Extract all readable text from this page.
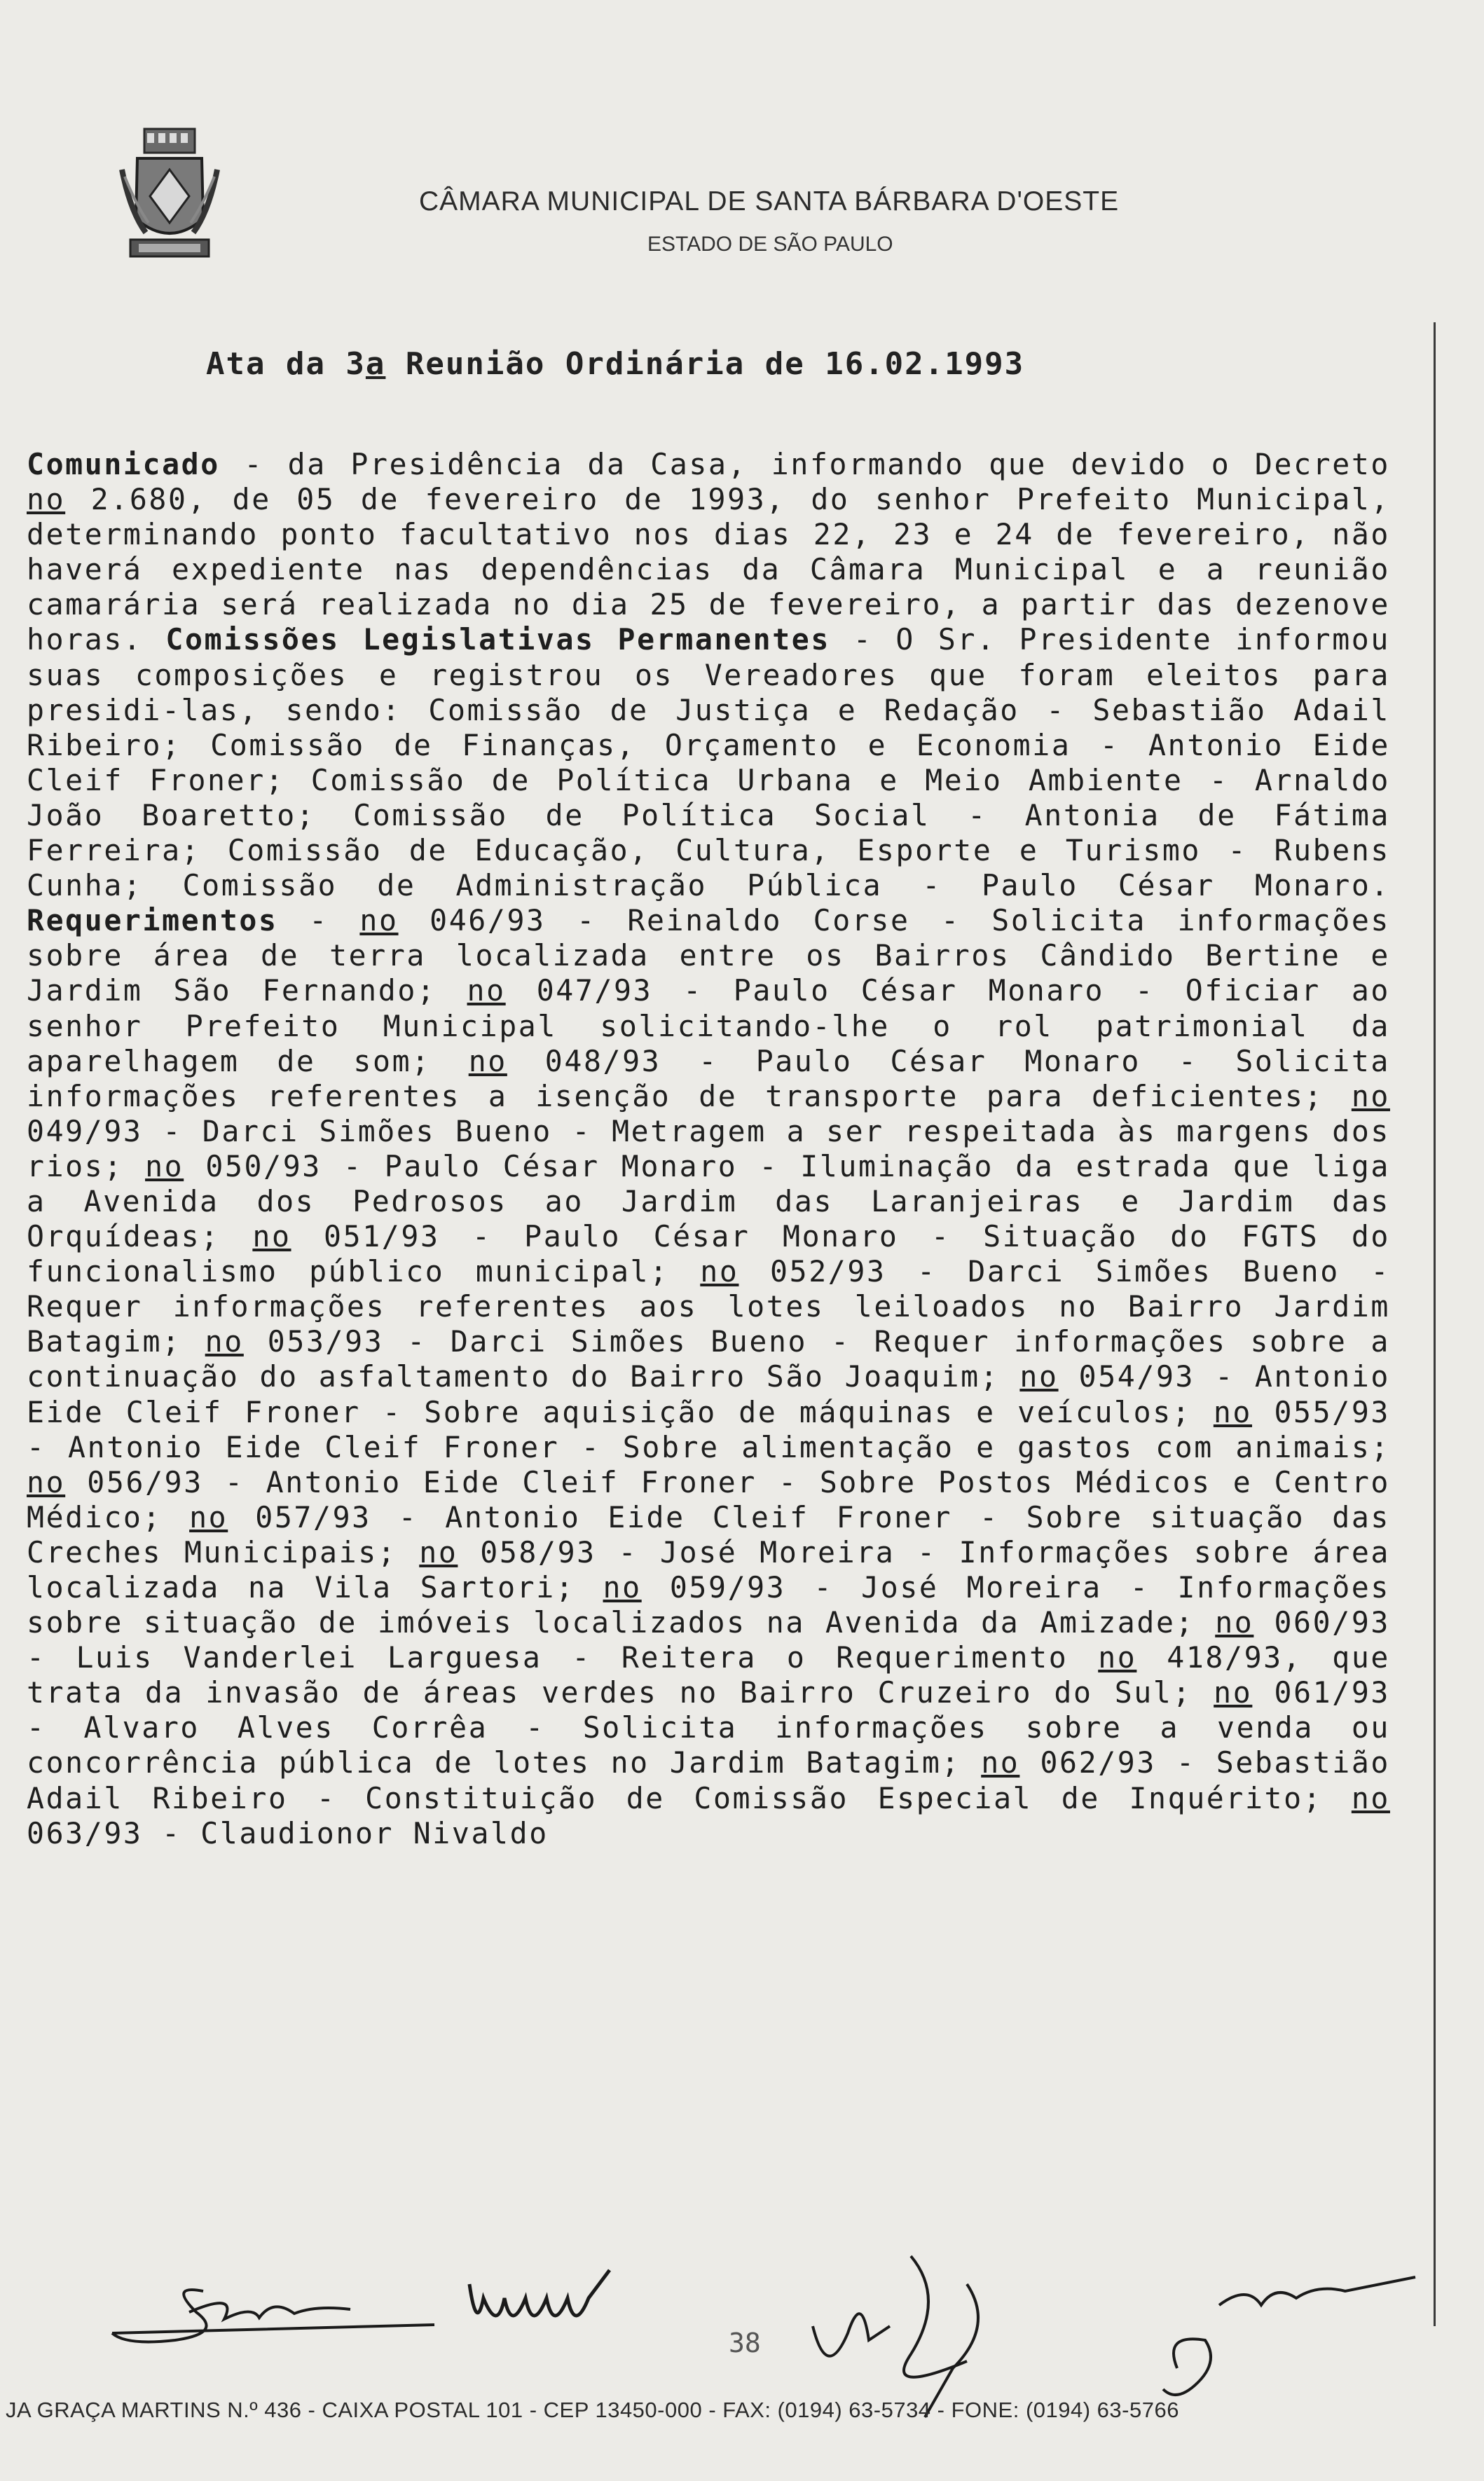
CÂMARA MUNICIPAL DE SANTA BÁRBARA D'OESTE
ESTADO DE SÃO PAULO
Ata da 3a Reunião Ordinária de 16.02.1993
Comunicado - da Presidência da Casa, informando que devido o Decreto no 2.680, de 05 de fevereiro de 1993, do senhor Prefeito Municipal, determinando ponto facultativo nos dias 22, 23 e 24 de fevereiro, não haverá expediente nas dependências da Câmara Municipal e a reunião camarária será realizada no dia 25 de fevereiro, a partir das dezenove horas. Comissões Legislativas Permanentes - O Sr. Presidente informou suas composições e registrou os Vereadores que foram eleitos para presidi-las, sendo: Comissão de Justiça e Redação - Sebastião Adail Ribeiro; Comissão de Finanças, Orçamento e Economia - Antonio Eide Cleif Froner; Comissão de Política Urbana e Meio Ambiente - Arnaldo João Boaretto; Comissão de Política Social - Antonia de Fátima Ferreira; Comissão de Educação, Cultura, Esporte e Turismo - Rubens Cunha; Comissão de Administração Pública - Paulo César Monaro. Requerimentos - no 046/93 - Reinaldo Corse - Solicita informações sobre área de terra localizada entre os Bairros Cândido Bertine e Jardim São Fernando; no 047/93 - Paulo César Monaro - Oficiar ao senhor Prefeito Municipal solicitando-lhe o rol patrimonial da aparelhagem de som; no 048/93 - Paulo César Monaro - Solicita informações referentes a isenção de transporte para deficientes; no 049/93 - Darci Simões Bueno - Metragem a ser respeitada às margens dos rios; no 050/93 - Paulo César Monaro - Iluminação da estrada que liga a Avenida dos Pedrosos ao Jardim das Laranjeiras e Jardim das Orquídeas; no 051/93 - Paulo César Monaro - Situação do FGTS do funcionalismo público municipal; no 052/93 - Darci Simões Bueno - Requer informações referentes aos lotes leiloados no Bairro Jardim Batagim; no 053/93 - Darci Simões Bueno - Requer informações sobre a continuação do asfaltamento do Bairro São Joaquim; no 054/93 - Antonio Eide Cleif Froner - Sobre aquisição de máquinas e veículos; no 055/93 - Antonio Eide Cleif Froner - Sobre alimentação e gastos com animais; no 056/93 - Antonio Eide Cleif Froner - Sobre Postos Médicos e Centro Médico; no 057/93 - Antonio Eide Cleif Froner - Sobre situação das Creches Municipais; no 058/93 - José Moreira - Informações sobre área localizada na Vila Sartori; no 059/93 - José Moreira - Informações sobre situação de imóveis localizados na Avenida da Amizade; no 060/93 - Luis Vanderlei Larguesa - Reitera o Requerimento no 418/93, que trata da invasão de áreas verdes no Bairro Cruzeiro do Sul; no 061/93 - Alvaro Alves Corrêa - Solicita informações sobre a venda ou concorrência pública de lotes no Jardim Batagim; no 062/93 - Sebastião Adail Ribeiro - Constituição de Comissão Especial de Inquérito; no 063/93 - Claudionor Nivaldo
38
JA GRAÇA MARTINS N.º 436 - CAIXA POSTAL 101 - CEP 13450-000 - FAX: (0194) 63-5734 - FONE: (0194) 63-5766
